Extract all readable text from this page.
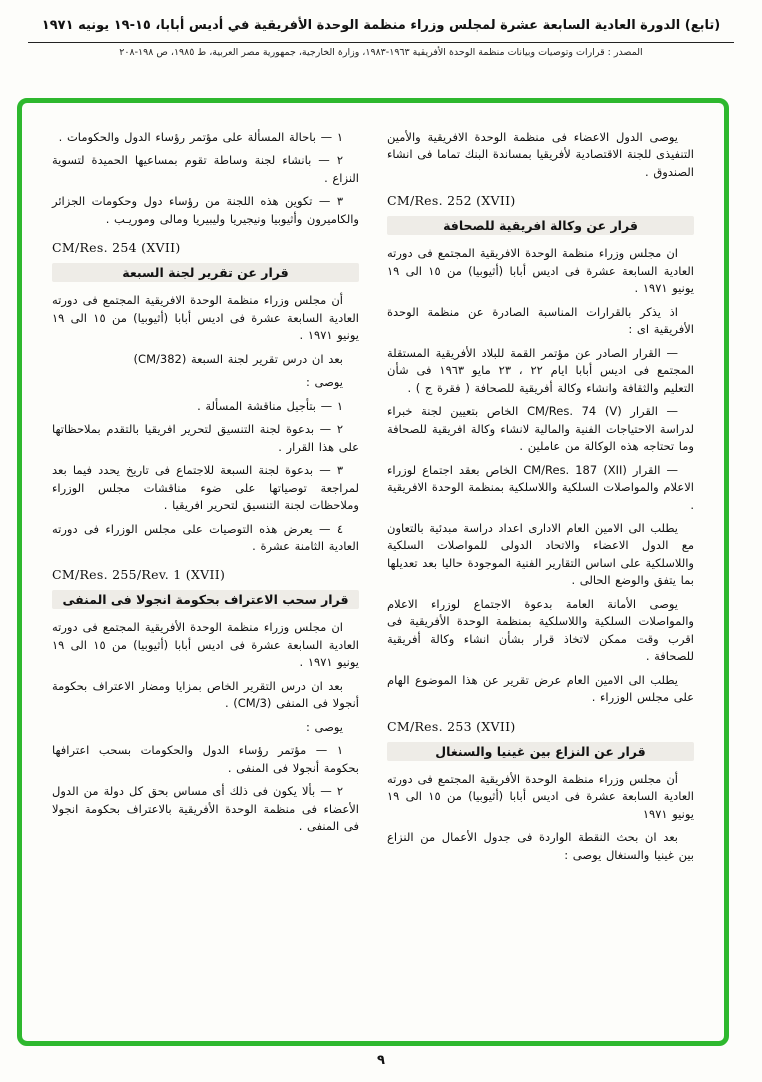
(تابع) الدورة العادية السابعة عشرة لمجلس وزراء منظمة الوحدة الأفريقية في أديس أبابا، ١٥-١٩ يونيه ١٩٧١
المصدر : قرارات وتوصيات وبيانات منظمة الوحدة الأفريقية ١٩٦٣-١٩٨٣، وزارة الخارجية، جمهورية مصر العربية، ط ١٩٨٥، ص ١٩٨-٢٠٨

يوصى الدول الاعضاء فى منظمة الوحدة الافريقية والأمين التنفيذى للجنة الاقتصادية لأفريقيا بمساندة البنك تماما فى انشاء الصندوق .

CM/Res. 252 (XVII)
قرار عن وكالة افريقية للصحافة

ان مجلس وزراء منظمة الوحدة الافريقية المجتمع فى دورته العادية السابعة عشرة فى اديس أبابا (أثيوبيا) من ١٥ الى ١٩ يونيو ١٩٧١ .

اذ يذكر بالقرارات المناسبة الصادرة عن منظمة الوحدة الأفريقية اى :

— القرار الصادر عن مؤتمر القمة للبلاد الأفريقية المستقلة المجتمع فى اديس أبابا ايام ٢٢ ، ٢٣ مايو ١٩٦٣ فى شأن التعليم والثقافة وانشاء وكالة أفريقية للصحافة ( فقرة ج ) .

— القرار CM/Res. 74 (V) الخاص بتعيين لجنة خبراء لدراسة الاحتياجات الفنية والمالية لانشاء وكالة افريقية للصحافة وما تحتاجه هذه الوكالة من عاملين .

— القرار CM/Res. 187 (XII) الخاص بعقد اجتماع لوزراء الاعلام والمواصلات السلكية واللاسلكية بمنظمة الوحدة الافريقية .

يطلب الى الامين العام الادارى اعداد دراسة مبدئية بالتعاون مع الدول الاعضاء والاتحاد الدولى للمواصلات السلكية واللاسلكية على اساس التقارير الفنية الموجودة حاليا بعد تعديلها بما يتفق والوضع الحالى .

يوصى الأمانة العامة بدعوة الاجتماع لوزراء الاعلام والمواصلات السلكية واللاسلكية بمنظمة الوحدة الأفريقية فى اقرب وقت ممكن لاتخاذ قرار بشأن انشاء وكالة أفريقية للصحافة .

يطلب الى الامين العام عرض تقرير عن هذا الموضوع الهام على مجلس الوزراء .

CM/Res. 253 (XVII)
قرار عن النزاع بين غينيا والسنغال

أن مجلس وزراء منظمة الوحدة الأفريقية المجتمع فى دورته العادية السابعة عشرة فى اديس أبابا (أثيوبيا) من ١٥ الى ١٩ يونيو ١٩٧١

بعد ان بحث النقطة الواردة فى جدول الأعمال من النزاع بين غينيا والسنغال يوصى :

١ — باحالة المسألة على مؤتمر رؤساء الدول والحكومات .

٢ — بانشاء لجنة وساطة تقوم بمساعيها الحميدة لتسوية النزاع .

٣ — تكوين هذه اللجنة من رؤساء دول وحكومات الجزائر والكاميرون وأثيوبيا ونيجيريا وليبيريا ومالى وموريـب .

CM/Res. 254 (XVII)
قرار عن تقرير لجنة السبعة

أن مجلس وزراء منظمة الوحدة الافريقية المجتمع فى دورته العادية السابعة عشرة فى اديس أبابا (أثيوبيا) من ١٥ الى ١٩ يونيو ١٩٧١ .

بعد ان درس تقرير لجنة السبعة (CM/382)

يوصى :

١ — بتأجيل مناقشة المسألة .

٢ — بدعوة لجنة التنسيق لتحرير افريقيا بالتقدم بملاحظاتها على هذا القرار .

٣ — بدعوة لجنة السبعة للاجتماع فى تاريخ يحدد فيما بعد لمراجعة توصياتها على ضوء مناقشات مجلس الوزراء وملاحظات لجنة التنسيق لتحرير افريقيا .

٤ — يعرض هذه التوصيات على مجلس الوزراء فى دورته العادية الثامنة عشرة .

CM/Res. 255/Rev. 1 (XVII)
قرار سحب الاعتراف بحكومة انجولا فى المنفى

ان مجلس وزراء منظمة الوحدة الأفريقية المجتمع فى دورته العادية السابعة عشرة فى اديس أبابا (أثيوبيا) من ١٥ الى ١٩ يونيو ١٩٧١ .

بعد ان درس التقرير الخاص بمزايا ومضار الاعتراف بحكومة أنجولا فى المنفى (CM/3) .

يوصى :

١ — مؤتمر رؤساء الدول والحكومات بسحب اعترافها بحكومة أنجولا فى المنفى .

٢ — بألا يكون فى ذلك أى مساس بحق كل دولة من الدول الأعضاء فى منظمة الوحدة الأفريقية بالاعتراف بحكومة انجولا فى المنفى .

٩
